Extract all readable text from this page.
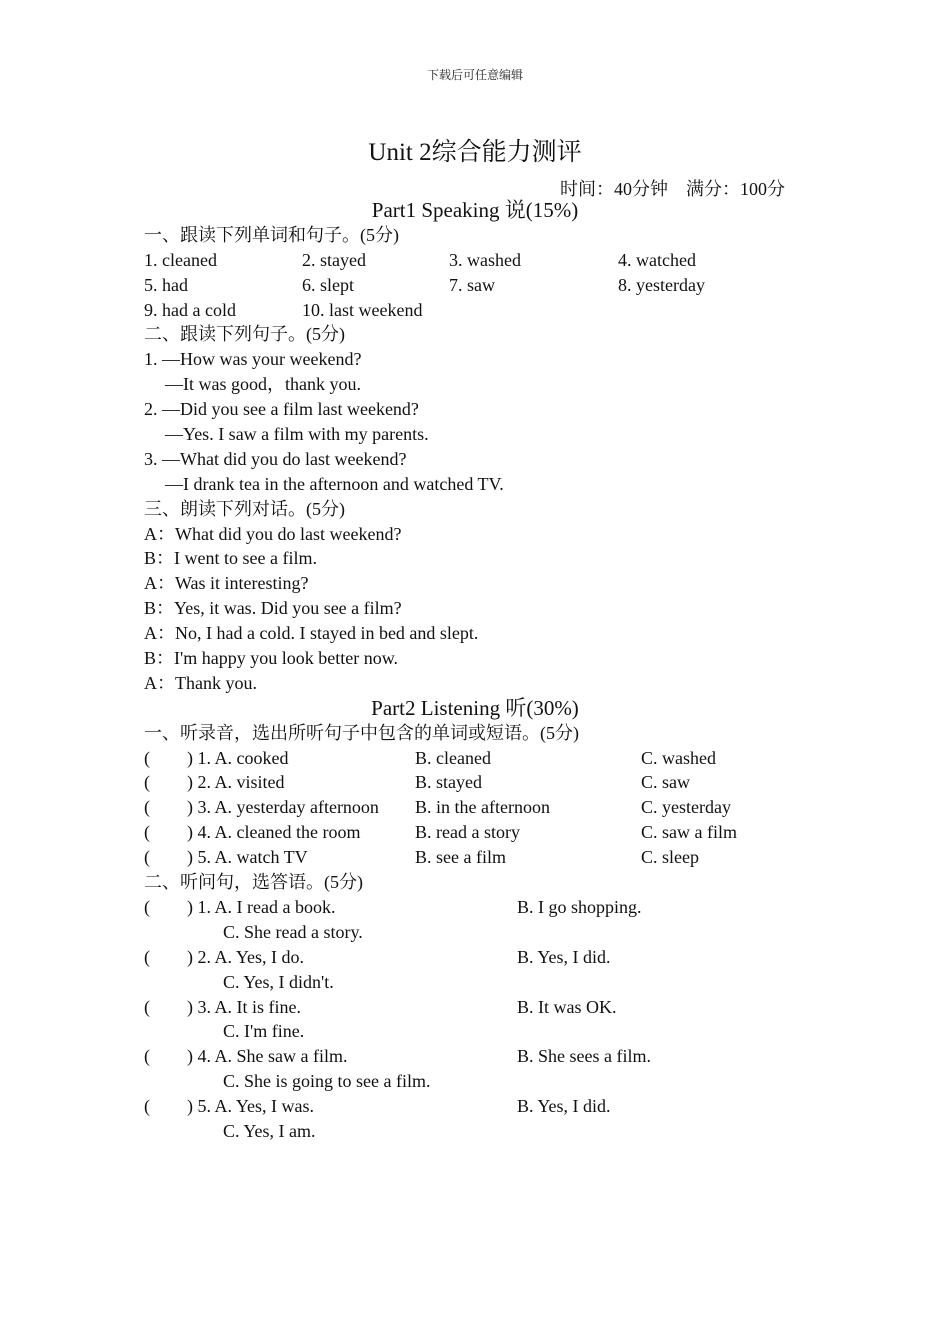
下载后可任意编辑
Unit 2综合能力测评
时间：40分钟    满分：100分
Part1 Speaking 说(15%)
一、跟读下列单词和句子。(5分)
1. cleaned	2. stayed	3. washed	4. watched
5. had	6. slept	7. saw	8. yesterday
9. had a cold	10. last weekend
二、跟读下列句子。(5分)
1. —How was your weekend?
—It was good，thank you.
2. —Did you see a film last weekend?
—Yes. I saw a film with my parents.
3. —What did you do last weekend?
—I drank tea in the afternoon and watched TV.
三、朗读下列对话。(5分)
A：What did you do last weekend?
B：I went to see a film.
A：Was it interesting?
B：Yes, it was. Did you see a film?
A：No, I had a cold. I stayed in bed and slept.
B：I'm happy you look better now.
A：Thank you.
Part2 Listening 听(30%)
一、听录音，选出所听句子中包含的单词或短语。(5分)
( ) 1. A. cooked	B. cleaned	C. washed
( ) 2. A. visited	B. stayed	C. saw
( ) 3. A. yesterday afternoon B. in the afternoon	C. yesterday
( ) 4. A. cleaned the room	B. read a story	C. saw a film
( ) 5. A. watch TV	B. see a film	C. sleep
二、听问句，选答语。(5分)
( ) 1. A. I read a book.	B. I go shopping.
C. She read a story.
( ) 2. A. Yes, I do.	B. Yes, I did.
C. Yes, I didn't.
( ) 3. A. It is fine.	B. It was OK.
C. I'm fine.
( ) 4. A. She saw a film.	B. She sees a film.
C. She is going to see a film.
( ) 5. A. Yes, I was.	B. Yes, I did.
C. Yes, I am.
